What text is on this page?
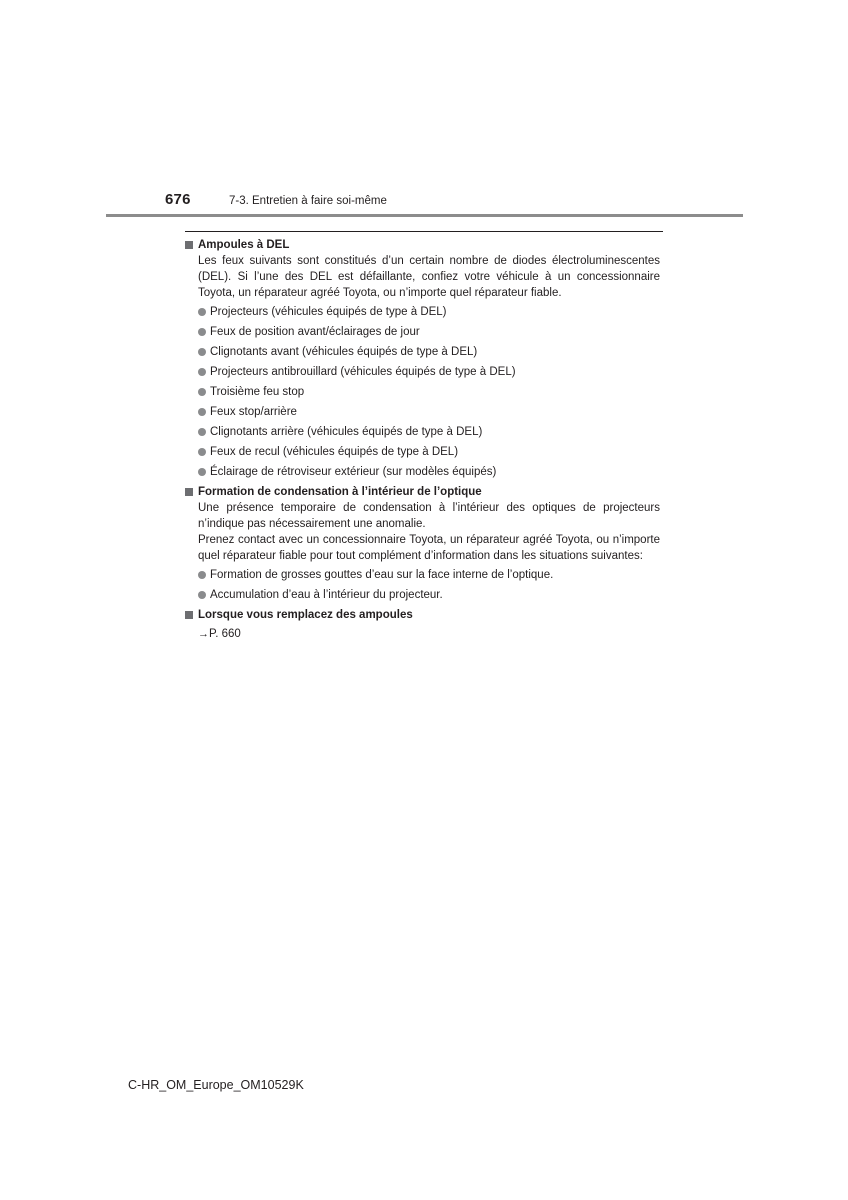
676	7-3. Entretien à faire soi-même
Ampoules à DEL
Les feux suivants sont constitués d’un certain nombre de diodes électroluminescentes (DEL). Si l’une des DEL est défaillante, confiez votre véhicule à un concessionnaire Toyota, un réparateur agréé Toyota, ou n’importe quel réparateur fiable.
Projecteurs (véhicules équipés de type à DEL)
Feux de position avant/éclairages de jour
Clignotants avant (véhicules équipés de type à DEL)
Projecteurs antibrouillard (véhicules équipés de type à DEL)
Troisième feu stop
Feux stop/arrière
Clignotants arrière (véhicules équipés de type à DEL)
Feux de recul (véhicules équipés de type à DEL)
Éclairage de rétroviseur extérieur (sur modèles équipés)
Formation de condensation à l’intérieur de l’optique
Une présence temporaire de condensation à l’intérieur des optiques de projecteurs n’indique pas nécessairement une anomalie.
Prenez contact avec un concessionnaire Toyota, un réparateur agréé Toyota, ou n’importe quel réparateur fiable pour tout complément d’information dans les situations suivantes:
Formation de grosses gouttes d’eau sur la face interne de l’optique.
Accumulation d’eau à l’intérieur du projecteur.
Lorsque vous remplacez des ampoules
→P. 660
C-HR_OM_Europe_OM10529K
